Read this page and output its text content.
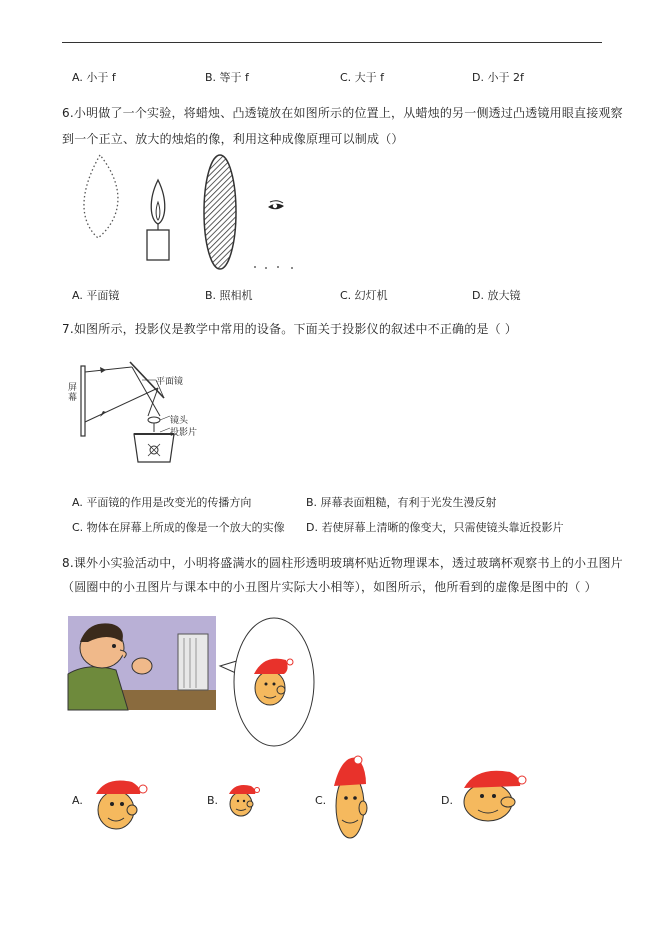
A. 小于 f	B. 等于 f	C. 大于 f	D. 小于 2f
6.小明做了一个实验，将蜡烛、凸透镜放在如图所示的位置上，从蜡烛的另一侧透过凸透镜用眼直接观察
到一个正立、放大的烛焰的像，利用这种成像原理可以制成（）
A. 平面镜	B. 照相机	C. 幻灯机	D. 放大镜
7.如图所示，投影仪是教学中常用的设备。下面关于投影仪的叙述中不正确的是（ ）
屏幕
平面镜
镜头
投影片
A. 平面镜的作用是改变光的传播方向	B. 屏幕表面粗糙，有利于光发生漫反射
C. 物体在屏幕上所成的像是一个放大的实像 D. 若使屏幕上清晰的像变大，只需使镜头靠近投影片
8.课外小实验活动中，小明将盛满水的圆柱形透明玻璃杯贴近物理课本，透过玻璃杯观察书上的小丑图片
（圆圈中的小丑图片与课本中的小丑图片实际大小相等），如图所示，他所看到的虚像是图中的（ ）
A.	B.	C.	D.
